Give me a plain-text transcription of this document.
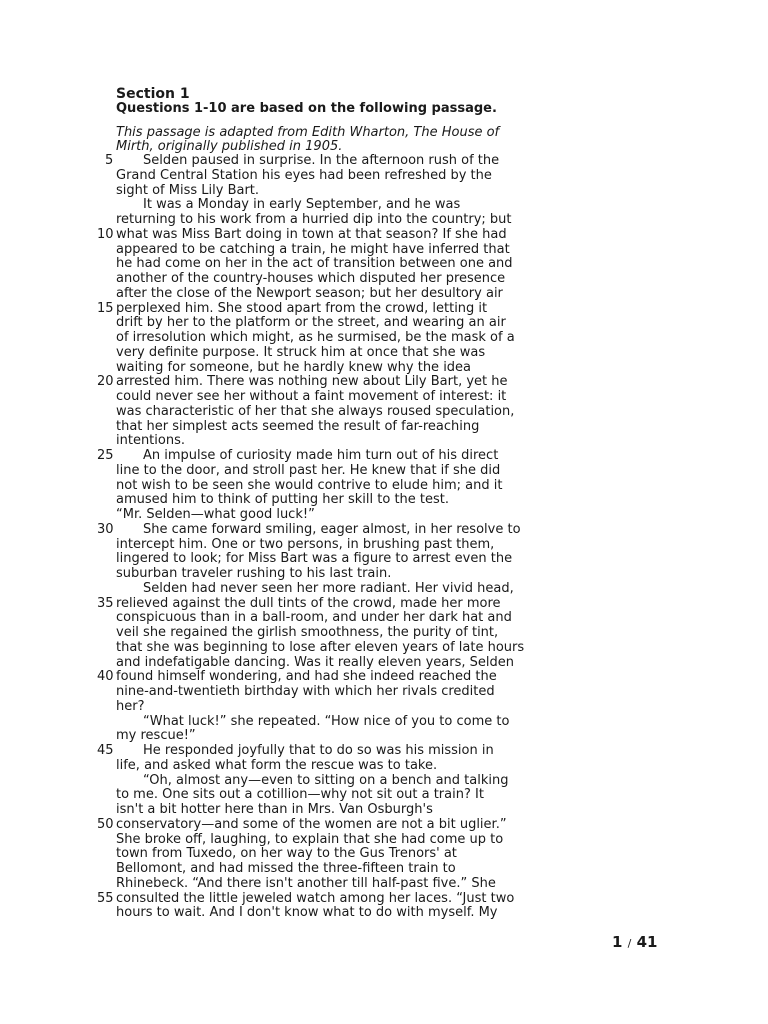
Section 1
Questions 1-10 are based on the following passage.
This passage is adapted from Edith Wharton, The House of
Mirth, originally published in 1905.
5	Selden paused in surprise. In the afternoon rush of the
Grand Central Station his eyes had been refreshed by the
sight of Miss Lily Bart.
It was a Monday in early September, and he was
returning to his work from a hurried dip into the country; but
10 what was Miss Bart doing in town at that season? If she had
appeared to be catching a train, he might have inferred that
he had come on her in the act of transition between one and
another of the country-houses which disputed her presence
after the close of the Newport season; but her desultory air
15 perplexed him. She stood apart from the crowd, letting it
drift by her to the platform or the street, and wearing an air
of irresolution which might, as he surmised, be the mask of a
very definite purpose. It struck him at once that she was
waiting for someone, but he hardly knew why the idea
20 arrested him. There was nothing new about Lily Bart, yet he
could never see her without a faint movement of interest: it
was characteristic of her that she always roused speculation,
that her simplest acts seemed the result of far-reaching
intentions.
25 An impulse of curiosity made him turn out of his direct
line to the door, and stroll past her. He knew that if she did
not wish to be seen she would contrive to elude him; and it
amused him to think of putting her skill to the test.
“Mr. Selden—what good luck!”
30 She came forward smiling, eager almost, in her resolve to
intercept him. One or two persons, in brushing past them,
lingered to look; for Miss Bart was a figure to arrest even the
suburban traveler rushing to his last train.
Selden had never seen her more radiant. Her vivid head,
35 relieved against the dull tints of the crowd, made her more
conspicuous than in a ball-room, and under her dark hat and
veil she regained the girlish smoothness, the purity of tint,
that she was beginning to lose after eleven years of late hours
and indefatigable dancing. Was it really eleven years, Selden
40 found himself wondering, and had she indeed reached the
nine-and-twentieth birthday with which her rivals credited
her?
“What luck!” she repeated. “How nice of you to come to
my rescue!”
45 He responded joyfully that to do so was his mission in
life, and asked what form the rescue was to take.
“Oh, almost any—even to sitting on a bench and talking
to me. One sits out a cotillion—why not sit out a train? It
isn't a bit hotter here than in Mrs. Van Osburgh's
50 conservatory—and some of the women are not a bit uglier.”
She broke off, laughing, to explain that she had come up to
town from Tuxedo, on her way to the Gus Trenors' at
Bellomont, and had missed the three-fifteen train to
Rhinebeck. “And there isn't another till half-past five.” She
55 consulted the little jeweled watch among her laces. “Just two
hours to wait. And I don't know what to do with myself. My
1 / 41
